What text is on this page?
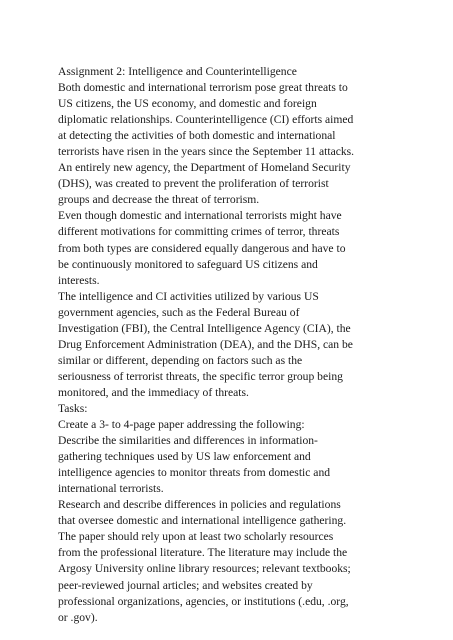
Assignment 2: Intelligence and Counterintelligence
Both domestic and international terrorism pose great threats to
US citizens, the US economy, and domestic and foreign
diplomatic relationships. Counterintelligence (CI) efforts aimed
at detecting the activities of both domestic and international
terrorists have risen in the years since the September 11 attacks.
An entirely new agency, the Department of Homeland Security
(DHS), was created to prevent the proliferation of terrorist
groups and decrease the threat of terrorism.
Even though domestic and international terrorists might have
different motivations for committing crimes of terror, threats
from both types are considered equally dangerous and have to
be continuously monitored to safeguard US citizens and
interests.
The intelligence and CI activities utilized by various US
government agencies, such as the Federal Bureau of
Investigation (FBI), the Central Intelligence Agency (CIA), the
Drug Enforcement Administration (DEA), and the DHS, can be
similar or different, depending on factors such as the
seriousness of terrorist threats, the specific terror group being
monitored, and the immediacy of threats.
Tasks:
Create a 3- to 4-page paper addressing the following:
Describe the similarities and differences in information-
gathering techniques used by US law enforcement and
intelligence agencies to monitor threats from domestic and
international terrorists.
Research and describe differences in policies and regulations
that oversee domestic and international intelligence gathering.
The paper should rely upon at least two scholarly resources
from the professional literature. The literature may include the
Argosy University online library resources; relevant textbooks;
peer-reviewed journal articles; and websites created by
professional organizations, agencies, or institutions (.edu, .org,
or .gov).
